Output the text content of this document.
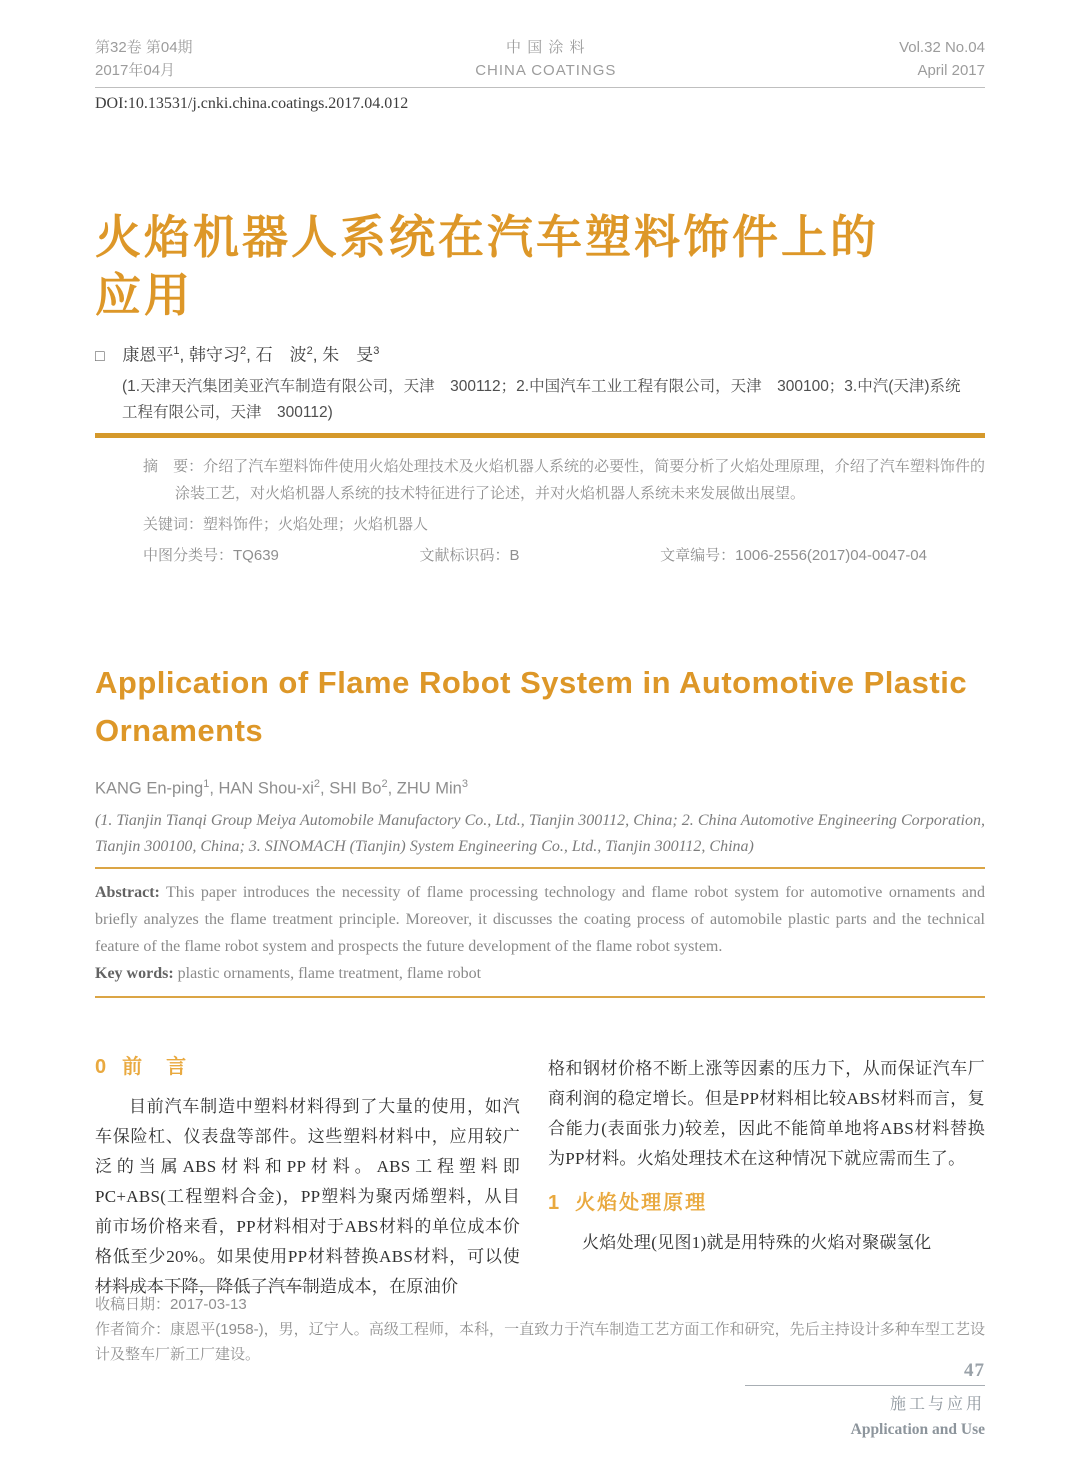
第32卷 第04期
2017年04月
中 国 涂 料
CHINA COATINGS
Vol.32 No.04
April 2017
DOI:10.13531/j.cnki.china.coatings.2017.04.012
火焰机器人系统在汽车塑料饰件上的
应用
□ 康恩平$^1$, 韩守习$^2$, 石　波$^2$, 朱　旻$^3$
(1.天津天汽集团美亚汽车制造有限公司，天津　300112；2.中国汽车工业工程有限公司，天津　300100；3.中汽(天津)系统工程有限公司，天津　300112)
摘　要：介绍了汽车塑料饰件使用火焰处理技术及火焰机器人系统的必要性，简要分析了火焰处理原理，介绍了汽车塑料饰件的涂装工艺，对火焰机器人系统的技术特征进行了论述，并对火焰机器人系统未来发展做出展望。
关键词：塑料饰件；火焰处理；火焰机器人
中图分类号：TQ639	文献标识码：B	文章编号：1006-2556(2017)04-0047-04
Application of Flame Robot System in Automotive Plastic
Ornaments
KANG En-ping$^1$, HAN Shou-$xi^2$, SHI Bo$^2$, ZHU Min$^3$
(1. Tianjin Tianqi Group Meiya Automobile Manufactory Co., Ltd., Tianjin 300112, China; 2. China Automotive Engineering Corporation, Tianjin 300100, China; 3. SINOMACH (Tianjin) System Engineering Co., Ltd., Tianjin 300112, China)
Abstract: This paper introduces the necessity of flame processing technology and flame robot system for automotive ornaments and briefly analyzes the flame treatment principle. Moreover, it discusses the coating process of automobile plastic parts and the technical feature of the flame robot system and prospects the future development of the flame robot system.
Key words: plastic ornaments, flame treatment, flame robot
0 前　言

目前汽车制造中塑料材料得到了大量的使用，如汽车保险杠、仪表盘等部件。这些塑料材料中，应用较广泛的当属ABS材料和PP材料。ABS工程塑料即PC+ABS(工程塑料合金)，PP塑料为聚丙烯塑料，从目前市场价格来看，PP材料相对于ABS材料的单位成本价格低至少20%。如果使用PP材料替换ABS材料，可以使材料成本下降，降低了汽车制造成本，在原油价

格和钢材价格不断上涨等因素的压力下，从而保证汽车厂商利润的稳定增长。但是PP材料相比较ABS材料而言，复合能力(表面张力)较差，因此不能简单地将ABS材料替换为PP材料。火焰处理技术在这种情况下就应需而生了。

1 火焰处理原理

火焰处理(见图1)就是用特殊的火焰对聚碳氢化

收稿日期：2017-03-13

作者简介：康恩平(1958-)，男，辽宁人。高级工程师，本科，一直致力于汽车制造工艺方面工作和研究，先后主持设计多种车型工艺设计及整车厂新工厂建设。

47
施工与应用
Application and Use
